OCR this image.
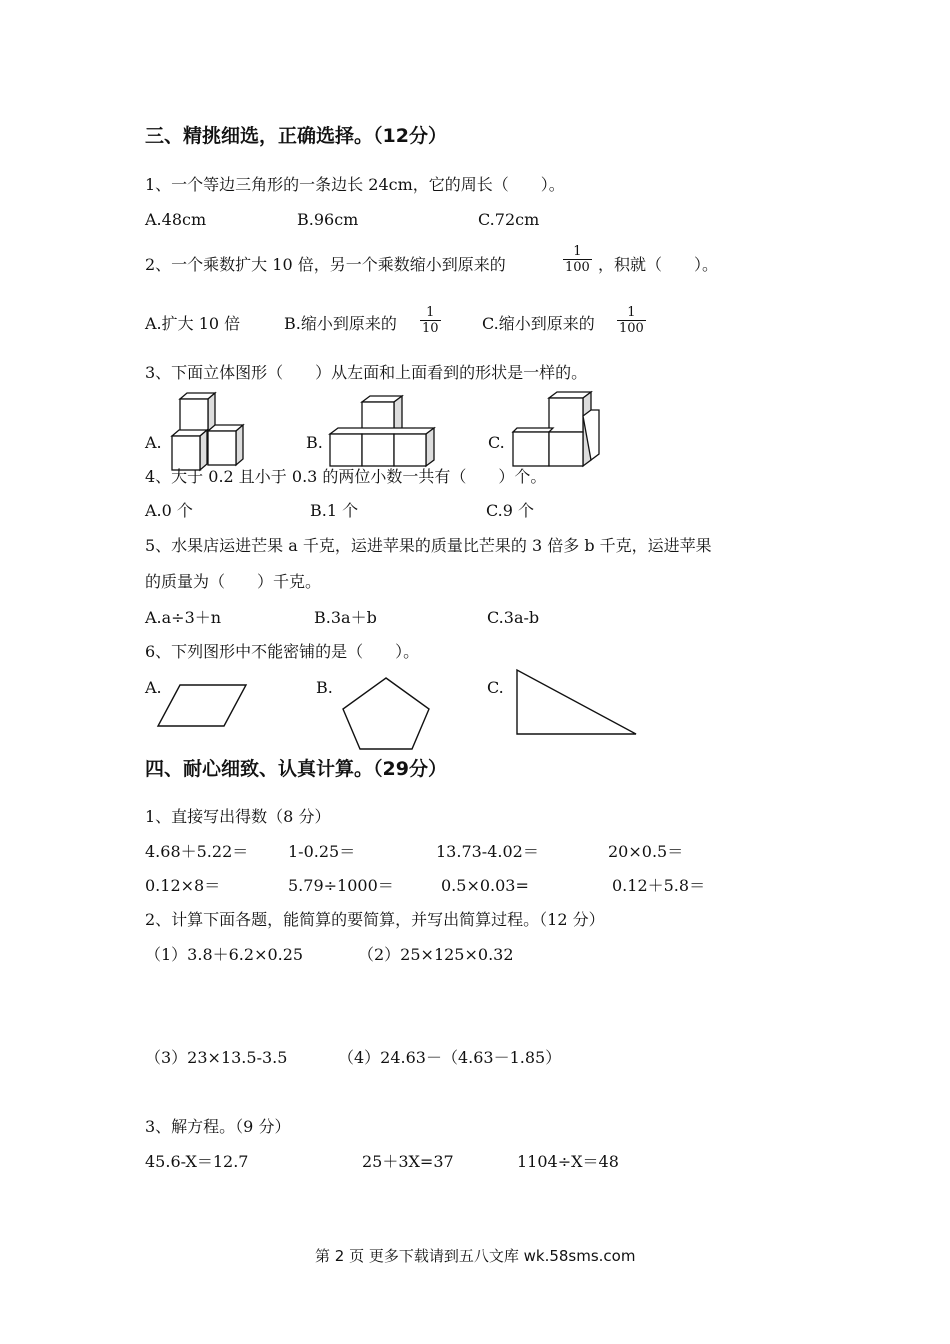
三、精挑细选，正确选择。（12分）
1、一个等边三角形的一条边长 24cm，它的周长（　　）。
A.48cm	B.96cm	C.72cm
2、一个乘数扩大 10 倍，另一个乘数缩小到原来的	$\frac{1}{100}$ ，积就（　　）。
A.扩大 10 倍	B.缩小到原来的 $\frac{1}{10}$	C.缩小到原来的 $\frac{1}{100}$
3、下面立体图形（　　）从左面和上面看到的形状是一样的。
A.	B.	C.
4、大于 0.2 且小于 0.3 的两位小数一共有（　　）个。
A.0 个	B.1 个	C.9 个
5、水果店运进芒果 a 千克，运进苹果的质量比芒果的 3 倍多 b 千克，运进苹果
的质量为（　　）千克。
A.a÷3＋n	B.3a＋b	C.3a-b
6、下列图形中不能密铺的是（　　）。
A.	B.	C.
四、耐心细致、认真计算。（29分）
1、直接写出得数（8 分）
4.68＋5.22＝ 1-0.25＝	13.73-4.02＝	20×0.5＝
0.12×8＝	5.79÷1000＝	0.5×0.03=	0.12＋5.8＝
2、计算下面各题，能简算的要简算，并写出简算过程。（12 分）
（1）3.8＋6.2×0.25	（2）25×125×0.32
（3）23×13.5-3.5	（4）24.63－（4.63－1.85）
3、解方程。（9 分）
45.6-X＝12.7	25＋3X=37	1104÷X＝48
第 2 页 更多下载请到五八文库 wk.58sms.com
